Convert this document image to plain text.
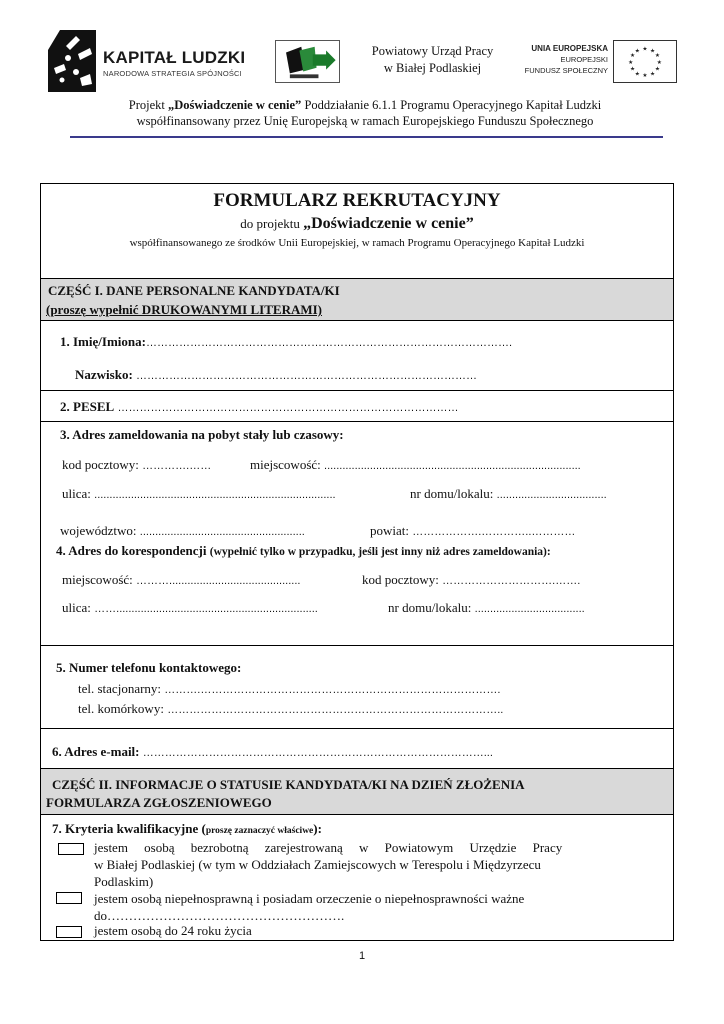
KAPITAŁ LUDZKI
NARODOWA STRATEGIA SPÓJNOŚCI
Powiatowy Urząd Pracy
w Białej Podlaskiej
UNIA EUROPEJSKA
EUROPEJSKI
FUNDUSZ SPOŁECZNY
★ ★
★
★
★
★
★
★
★
★
★
★
Projekt „Doświadczenie w cenie” Poddziałanie 6.1.1 Programu Operacyjnego Kapitał Ludzki
współfinansowany przez Unię Europejską w ramach Europejskiego Funduszu Społecznego
FORMULARZ REKRUTACYJNY
do projektu „Doświadczenie w cenie”
współfinansowanego ze środków Unii Europejskiej, w ramach Programu Operacyjnego Kapitał Ludzki
CZĘŚĆ I. DANE PERSONALNE KANDYDATA/KI
(proszę wypełnić DRUKOWANYMI LITERAMI)
1. Imię/Imiona:……………………………………………………………………………………….
Nazwisko: …………………………………………………………………………………
2. PESEL …………………………………………………………………………………
3. Adres zameldowania na pobyt stały lub czasowy:
kod pocztowy: ………….……	miejscowość: ....................................................................................
ulica: ...............................................................................	nr domu/lokalu: ....................................
województwo: ......................................................	powiat: ……………….…………..…………
4. Adres do korespondencji (wypełnić tylko w przypadku, jeśli jest inny niż adres zameldowania):
miejscowość: ………...........................................	kod pocztowy: ………………………….…….
ulica: ……..................................................................	nr domu/lokalu: ....................................
5. Numer telefonu kontaktowego:
tel. stacjonarny: ……….……………………………………………………………………….
tel. komórkowy: ………………………………………………………………………………..
6. Adres e-mail: …………………………………………………………………………………...
CZĘŚĆ II. INFORMACJE O STATUSIE KANDYDATA/KI NA DZIEŃ ZŁOŻENIA
FORMULARZA ZGŁOSZENIOWEGO
7. Kryteria kwalifikacyjne (proszę zaznaczyć właściwe):
jestem     osobą     bezrobotną     zarejestrowaną     w     Powiatowym     Urzędzie     Pracy
w Białej Podlaskiej (w tym w Oddziałach Zamiejscowych w Terespolu i Międzyrzecu
Podlaskim)
jestem osobą niepełnosprawną i posiadam orzeczenie o niepełnosprawności ważne
do……………………………………………….
jestem osobą do 24 roku życia
1
